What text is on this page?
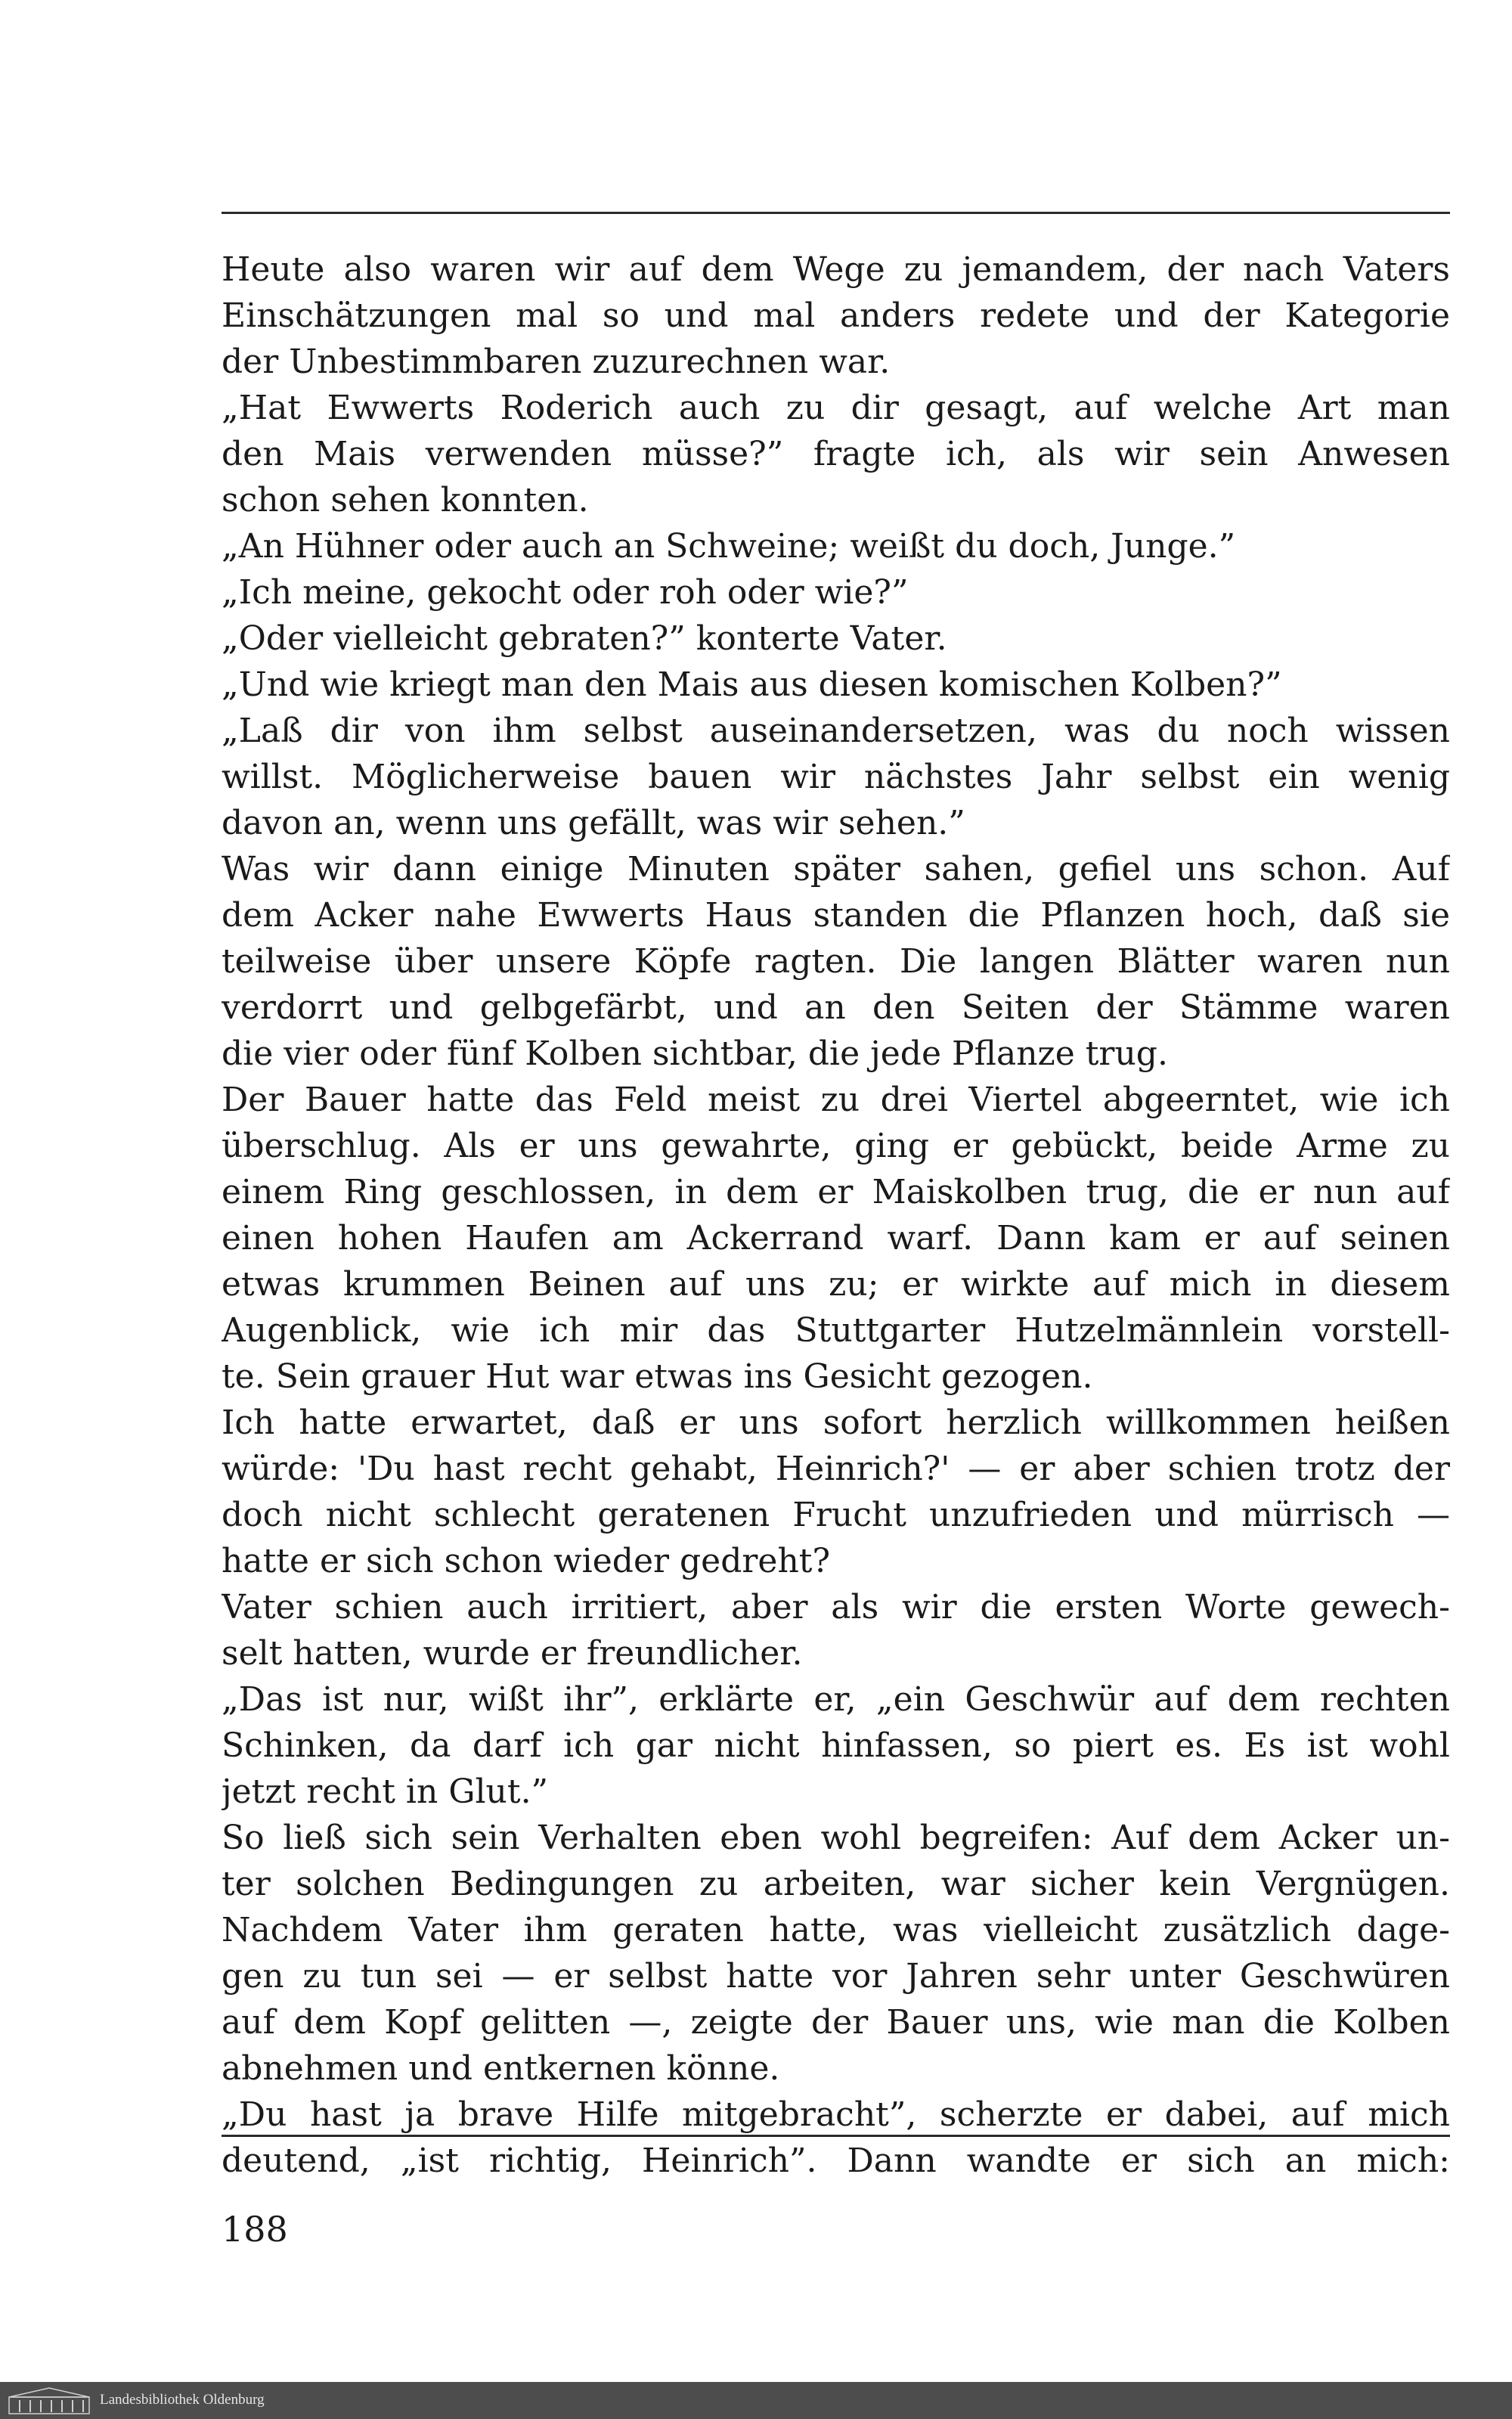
Heute also waren wir auf dem Wege zu jemandem, der nach Vaters
Einschätzungen mal so und mal anders redete und der Kategorie
der Unbestimmbaren zuzurechnen war.
„Hat Ewwerts Roderich auch zu dir gesagt, auf welche Art man
den Mais verwenden müsse?” fragte ich, als wir sein Anwesen
schon sehen konnten.
„An Hühner oder auch an Schweine; weißt du doch, Junge.”
„Ich meine, gekocht oder roh oder wie?”
„Oder vielleicht gebraten?” konterte Vater.
„Und wie kriegt man den Mais aus diesen komischen Kolben?”
„Laß dir von ihm selbst auseinandersetzen, was du noch wissen
willst. Möglicherweise bauen wir nächstes Jahr selbst ein wenig
davon an, wenn uns gefällt, was wir sehen.”
Was wir dann einige Minuten später sahen, gefiel uns schon. Auf
dem Acker nahe Ewwerts Haus standen die Pflanzen hoch, daß sie
teilweise über unsere Köpfe ragten. Die langen Blätter waren nun
verdorrt und gelbgefärbt, und an den Seiten der Stämme waren
die vier oder fünf Kolben sichtbar, die jede Pflanze trug.
Der Bauer hatte das Feld meist zu drei Viertel abgeerntet, wie ich
überschlug. Als er uns gewahrte, ging er gebückt, beide Arme zu
einem Ring geschlossen, in dem er Maiskolben trug, die er nun auf
einen hohen Haufen am Ackerrand warf. Dann kam er auf seinen
etwas krummen Beinen auf uns zu; er wirkte auf mich in diesem
Augenblick, wie ich mir das Stuttgarter Hutzelmännlein vorstell-
te. Sein grauer Hut war etwas ins Gesicht gezogen.
Ich hatte erwartet, daß er uns sofort herzlich willkommen heißen
würde: 'Du hast recht gehabt, Heinrich?' — er aber schien trotz der
doch nicht schlecht geratenen Frucht unzufrieden und mürrisch —
hatte er sich schon wieder gedreht?
Vater schien auch irritiert, aber als wir die ersten Worte gewech-
selt hatten, wurde er freundlicher.
„Das ist nur, wißt ihr”, erklärte er, „ein Geschwür auf dem rechten
Schinken, da darf ich gar nicht hinfassen, so piert es. Es ist wohl
jetzt recht in Glut.”
So ließ sich sein Verhalten eben wohl begreifen: Auf dem Acker un-
ter solchen Bedingungen zu arbeiten, war sicher kein Vergnügen.
Nachdem Vater ihm geraten hatte, was vielleicht zusätzlich dage-
gen zu tun sei — er selbst hatte vor Jahren sehr unter Geschwüren
auf dem Kopf gelitten —, zeigte der Bauer uns, wie man die Kolben
abnehmen und entkernen könne.
„Du hast ja brave Hilfe mitgebracht”, scherzte er dabei, auf mich
deutend, „ist richtig, Heinrich”. Dann wandte er sich an mich:
188
Landesbibliothek Oldenburg
